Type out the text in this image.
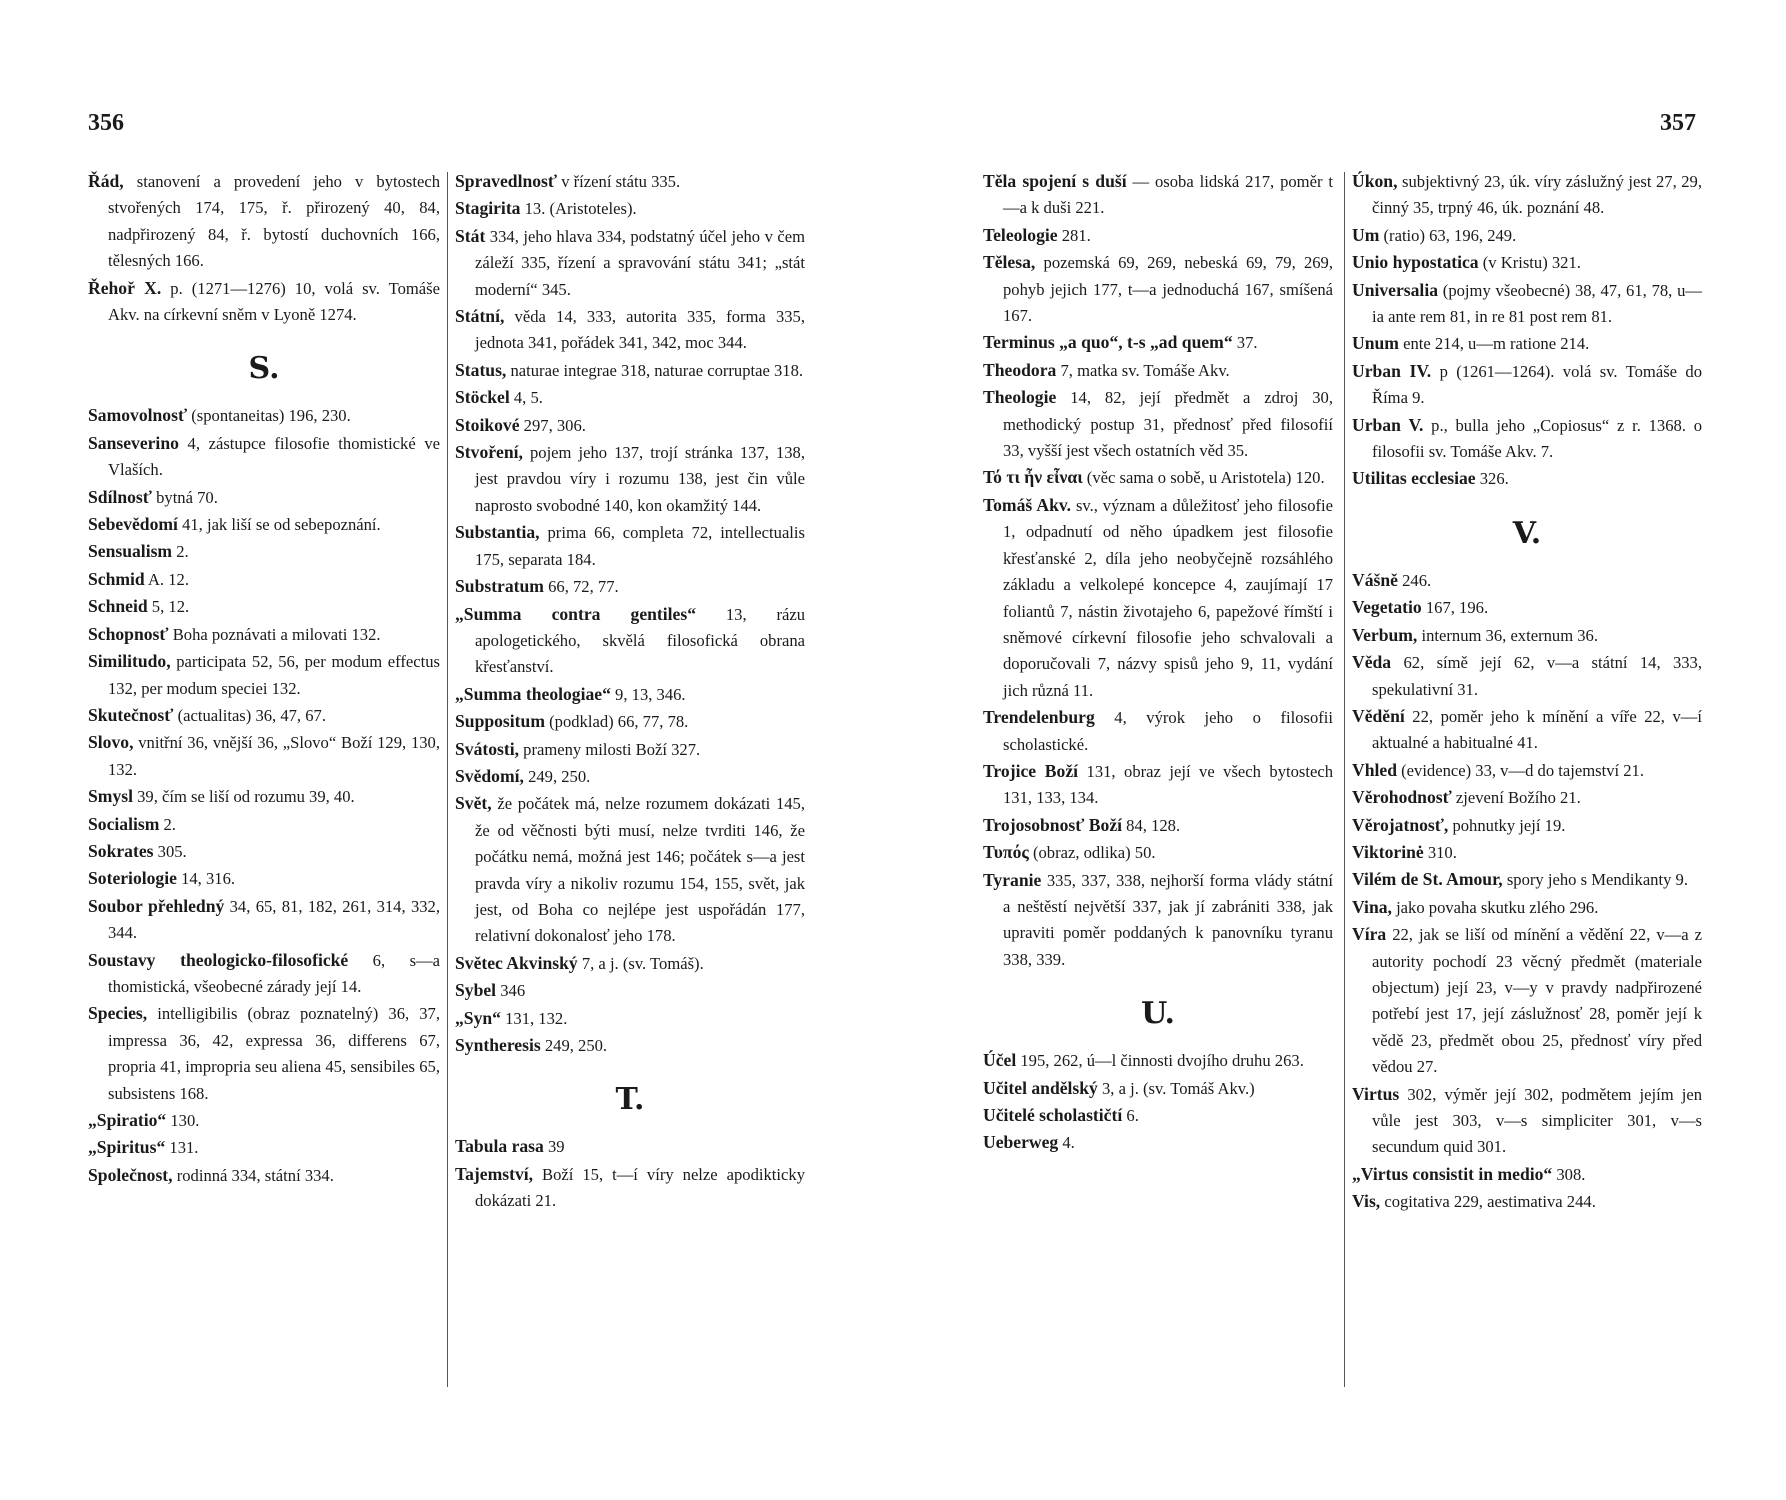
356	357
Řád, stanovení a provedení jeho v bytostech stvořených 174, 175, ř. přirozený 40, 84, nadpřirozený 84, ř. bytostí duchovních 166, tělesných 166.
Řehoř X. p. (1271—1276) 10, volá sv. Tomáše Akv. na církevní sněm v Lyoně 1274.
S.
Samovolnosť (spontaneitas) 196, 230.
Sanseverino 4, zástupce filosofie thomistické ve Vlaších.
Sdílnosť bytná 70.
Sebevědomí 41, jak liší se od sebepoznání.
Sensualism 2.
Schmid A. 12.
Schneid 5, 12.
Schopnosť Boha poznávati a milovati 132.
Similitudo, participata 52, 56, per modum effectus 132, per modum speciei 132.
Skutečnosť (actualitas) 36, 47, 67.
Slovo, vnitřní 36, vnější 36, „Slovo“ Boží 129, 130, 132.
Smysl 39, čím se liší od rozumu 39, 40.
Socialism 2.
Sokrates 305.
Soteriologie 14, 316.
Soubor přehledný 34, 65, 81, 182, 261, 314, 332, 344.
Soustavy theologicko-filosofické 6, s—a thomistická, všeobecné zárady její 14.
Species, intelligibilis (obraz poznatelný) 36, 37, impressa 36, 42, expressa 36, differens 67, propria 41, impropria seu aliena 45, sensibiles 65, subsistens 168.
„Spiratio“ 130.
„Spiritus“ 131.
Společnost, rodinná 334, státní 334.
Spravedlnosť v řízení státu 335.
Stagirita 13. (Aristoteles).
Stát 334, jeho hlava 334, podstatný účel jeho v čem záleží 335, řízení a spravování státu 341; „stát moderní“ 345.
Státní, věda 14, 333, autorita 335, forma 335, jednota 341, pořádek 341, 342, moc 344.
Status, naturae integrae 318, naturae corruptae 318.
Stöckel 4, 5.
Stoikové 297, 306.
Stvoření, pojem jeho 137, trojí stránka 137, 138, jest pravdou víry i rozumu 138, jest čin vůle naprosto svobodné 140, kon okamžitý 144.
Substantia, prima 66, completa 72, intellectualis 175, separata 184.
Substratum 66, 72, 77.
„Summa contra gentiles“ 13, rázu apologetického, skvělá filosofická obrana křesťanství.
„Summa theologiae“ 9, 13, 346.
Suppositum (podklad) 66, 77, 78.
Svátosti, prameny milosti Boží 327.
Svědomí, 249, 250.
Svět, že počátek má, nelze rozumem dokázati 145, že od věčnosti býti musí, nelze tvrditi 146, že počátku nemá, možná jest 146; počátek s—a jest pravda víry a nikoliv rozumu 154, 155, svět, jak jest, od Boha co nejlépe jest uspořádán 177, relativní dokonalosť jeho 178.
Světec Akvinský 7, a j. (sv. Tomáš).
Sybel 346
„Syn“ 131, 132.
Syntheresis 249, 250.
T.
Tabula rasa 39
Tajemství, Boží 15, t—í víry nelze apodikticky dokázati 21.
Těla spojení s duší — osoba lidská 217, poměr t—a k duši 221.
Teleologie 281.
Tělesa, pozemská 69, 269, nebeská 69, 79, 269, pohyb jejich 177, t—a jednoduchá 167, smíšená 167.
Terminus „a quo“, t-s „ad quem“ 37.
Theodora 7, matka sv. Tomáše Akv.
Theologie 14, 82, její předmět a zdroj 30, methodický postup 31, přednosť před filosofií 33, vyšší jest všech ostatních věd 35.
Τό τι ἦν εἶναι (věc sama o sobě, u Aristotela) 120.
Tomáš Akv. sv., význam a důležitosť jeho filosofie 1, odpadnutí od něho úpadkem jest filosofie křesťanské 2, díla jeho neobyčejně rozsáhlého základu a velkolepé koncepce 4, zaujímají 17 foliantů 7, nástin životajeho 6, papežové římští i sněmové církevní filosofie jeho schvalovali a doporučovali 7, názvy spisů jeho 9, 11, vydání jich různá 11.
Trendelenburg 4, výrok jeho o filosofii scholastické.
Trojice Boží 131, obraz její ve všech bytostech 131, 133, 134.
Trojosobnosť Boží 84, 128.
Τυπός (obraz, odlika) 50.
Tyranie 335, 337, 338, nejhorší forma vlády státní a neštěstí největší 337, jak jí zabrániti 338, jak upraviti poměr poddaných k panovníku tyranu 338, 339.
U.
Účel 195, 262, ú—l činnosti dvojího druhu 263.
Učitel andělský 3, a j. (sv. Tomáš Akv.)
Učitelé scholastičtí 6.
Ueberweg 4.
Úkon, subjektivný 23, úk. víry záslužný jest 27, 29, činný 35, trpný 46, úk. poznání 48.
Um (ratio) 63, 196, 249.
Unio hypostatica (v Kristu) 321.
Universalia (pojmy všeobecné) 38, 47, 61, 78, u—ia ante rem 81, in re 81 post rem 81.
Unum ente 214, u—m ratione 214.
Urban IV. p (1261—1264). volá sv. Tomáše do Říma 9.
Urban V. p., bulla jeho „Copiosus“ z r. 1368. o filosofii sv. Tomáše Akv. 7.
Utilitas ecclesiae 326.
V.
Vášně 246.
Vegetatio 167, 196.
Verbum, internum 36, externum 36.
Věda 62, símě její 62, v—a státní 14, 333, spekulativní 31.
Vědění 22, poměr jeho k mínění a víře 22, v—í aktualné a habitualné 41.
Vhled (evidence) 33, v—d do tajemství 21.
Věrohodnosť zjevení Božího 21.
Věrojatnosť, pohnutky její 19.
Viktorinė 310.
Vilém de St. Amour, spory jeho s Mendikanty 9.
Vina, jako povaha skutku zlého 296.
Víra 22, jak se liší od mínění a vědění 22, v—a z autority pochodí 23 věcný předmět (materiale objectum) její 23, v—y v pravdy nadpřirozené potřebí jest 17, její záslužnosť 28, poměr její k vědě 23, předmět obou 25, přednosť víry před vědou 27.
Virtus 302, výměr její 302, podmětem jejím jen vůle jest 303, v—s simpliciter 301, v—s secundum quid 301.
„Virtus consistit in medio“ 308.
Vis, cogitativa 229, aestimativa 244.
